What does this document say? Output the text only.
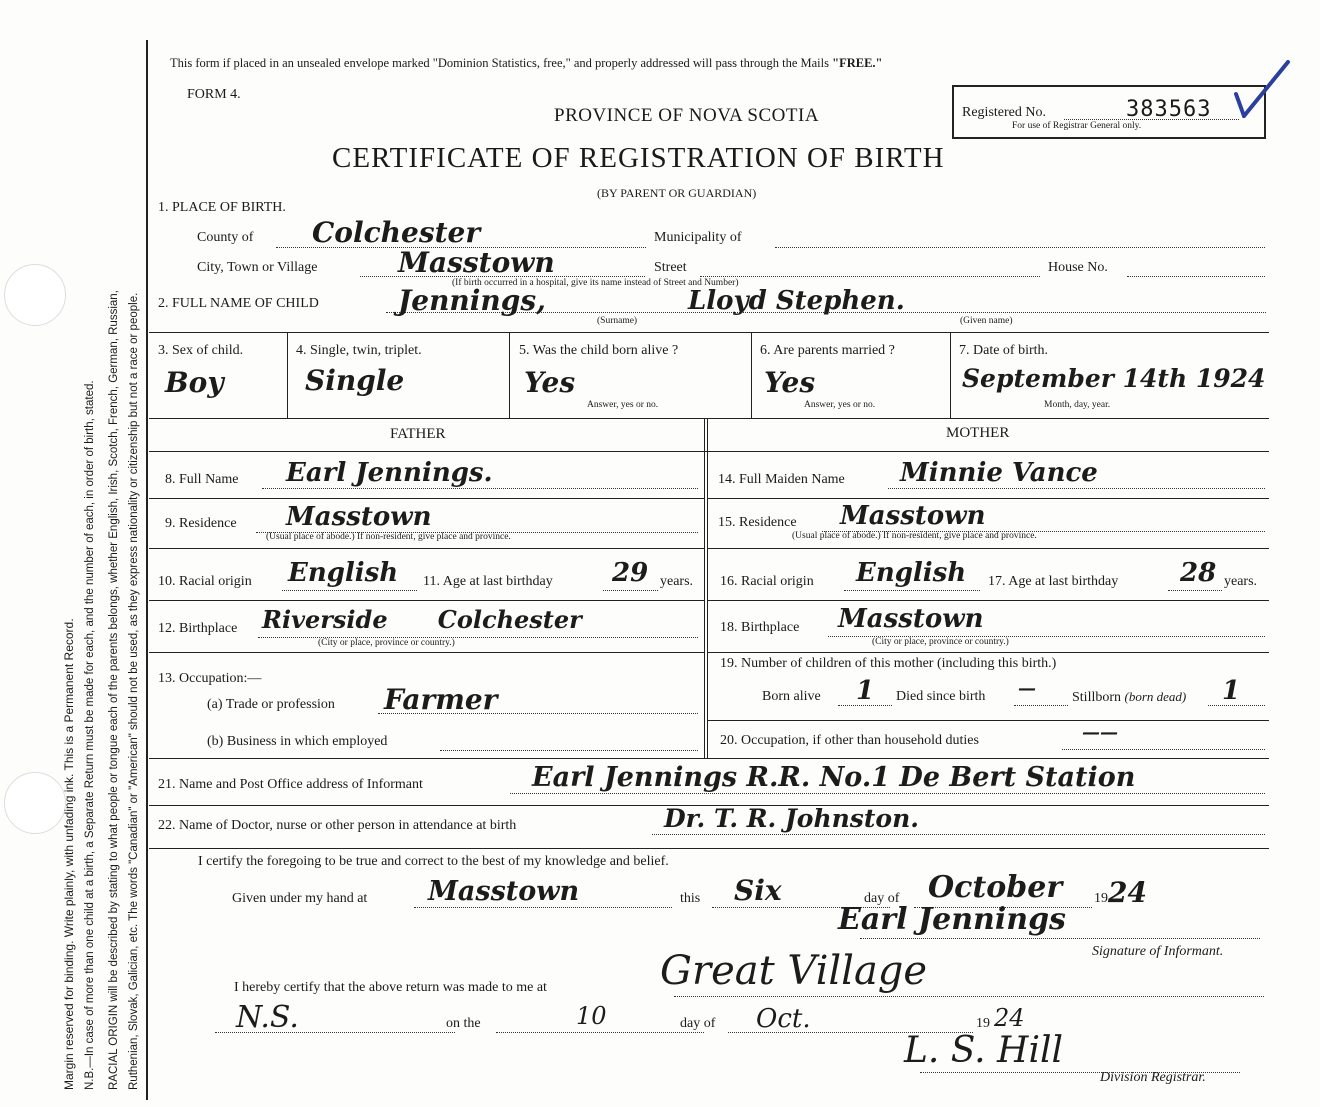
Margin reserved for binding. Write plainly, with unfading ink. This is a Permanent Record. N.B.—In case of more than one child at a birth, a Separate Return must be made for each, and the number of each, in order of birth, stated. RACIAL ORIGIN will be described by stating to what people or tongue each of the parents belongs, whether English, Irish, Scotch, French, German, Russian, Ruthenian, Slovak, Galician, etc. The words "Canadian" or "American" should not be used, as they express nationality or citizenship but not a race or people.
This form if placed in an unsealed envelope marked "Dominion Statistics, free," and properly addressed will pass through the Mails "FREE."
FORM 4.
PROVINCE OF NOVA SCOTIA
CERTIFICATE OF REGISTRATION OF BIRTH
(BY PARENT OR GUARDIAN)
Registered No.	383563
For use of Registrar General only.
1. PLACE OF BIRTH.
County of Colchester	Municipality of
City, Town or Village	Masstown	Street	House No.
(If birth occurred in a hospital, give its name instead of Street and Number)
2. FULL NAME OF CHILD	Jennings,	Lloyd Stephen.
(Surname)	(Given name)
3. Sex of child.
Boy
4. Single, twin, triplet.
Single
5. Was the child born alive ?
Yes
Answer, yes or no.
6. Are parents married ?
Yes
Answer, yes or no.
7. Date of birth.
September 14th 1924
Month, day, year.
FATHER	MOTHER
8. Full Name Earl Jennings.
9. Residence Masstown
(Usual place of abode.) If non-resident, give place and province.
10. Racial origin English 11. Age at last birthday 29 years.
12. Birthplace Riverside      Colchester
(City or place, province or country.)
13. Occupation:—
(a) Trade or profession Farmer
(b) Business in which employed
14. Full Maiden Name Minnie Vance
15. Residence Masstown
(Usual place of abode.) If non-resident, give place and province.
16. Racial origin English 17. Age at last birthday 28 years.
18. Birthplace Masstown
(City or place, province or country.)
19. Number of children of this mother (including this birth.)
Born alive 1 Died since birth —	Stillborn (born dead) 1
20. Occupation, if other than household duties	——
21. Name and Post Office address of Informant	Earl Jennings R.R. No.1 De Bert Station
22. Name of Doctor, nurse or other person in attendance at birth	Dr. T. R. Johnston.
I certify the foregoing to be true and correct to the best of my knowledge and belief.
Given under my hand at Masstown	this Six	day of October 19 24
Earl Jennings
Signature of Informant.
I hereby certify that the above return was made to me at	Great Village
N.S.	on the	10	day of Oct.	19 24
L. S. Hill
Division Registrar.
